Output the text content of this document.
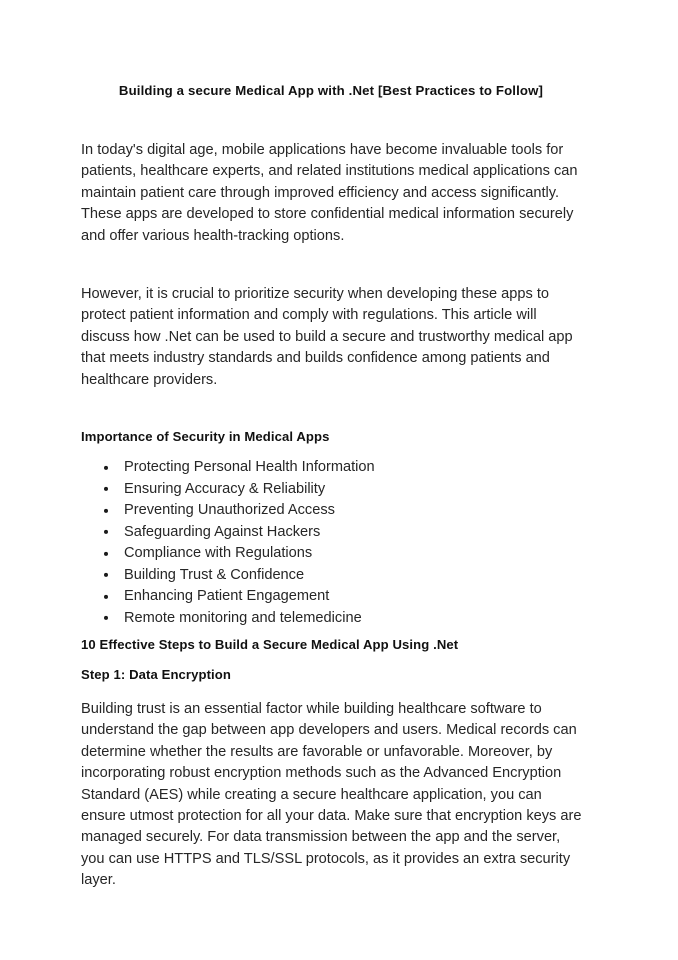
Building a secure Medical App with .Net [Best Practices to Follow]

In today's digital age, mobile applications have become invaluable tools for patients, healthcare experts, and related institutions medical applications can maintain patient care through improved efficiency and access significantly. These apps are developed to store confidential medical information securely and offer various health-tracking options.

However, it is crucial to prioritize security when developing these apps to protect patient information and comply with regulations. This article will discuss how .Net can be used to build a secure and trustworthy medical app that meets industry standards and builds confidence among patients and healthcare providers.

Importance of Security in Medical Apps
Protecting Personal Health Information
Ensuring Accuracy & Reliability
Preventing Unauthorized Access
Safeguarding Against Hackers
Compliance with Regulations
Building Trust & Confidence
Enhancing Patient Engagement
Remote monitoring and telemedicine
10 Effective Steps to Build a Secure Medical App Using .Net
Step 1: Data Encryption

Building trust is an essential factor while building healthcare software to understand the gap between app developers and users. Medical records can determine whether the results are favorable or unfavorable. Moreover, by incorporating robust encryption methods such as the Advanced Encryption Standard (AES) while creating a secure healthcare application, you can ensure utmost protection for all your data. Make sure that encryption keys are managed securely. For data transmission between the app and the server, you can use HTTPS and TLS/SSL protocols, as it provides an extra security layer.
